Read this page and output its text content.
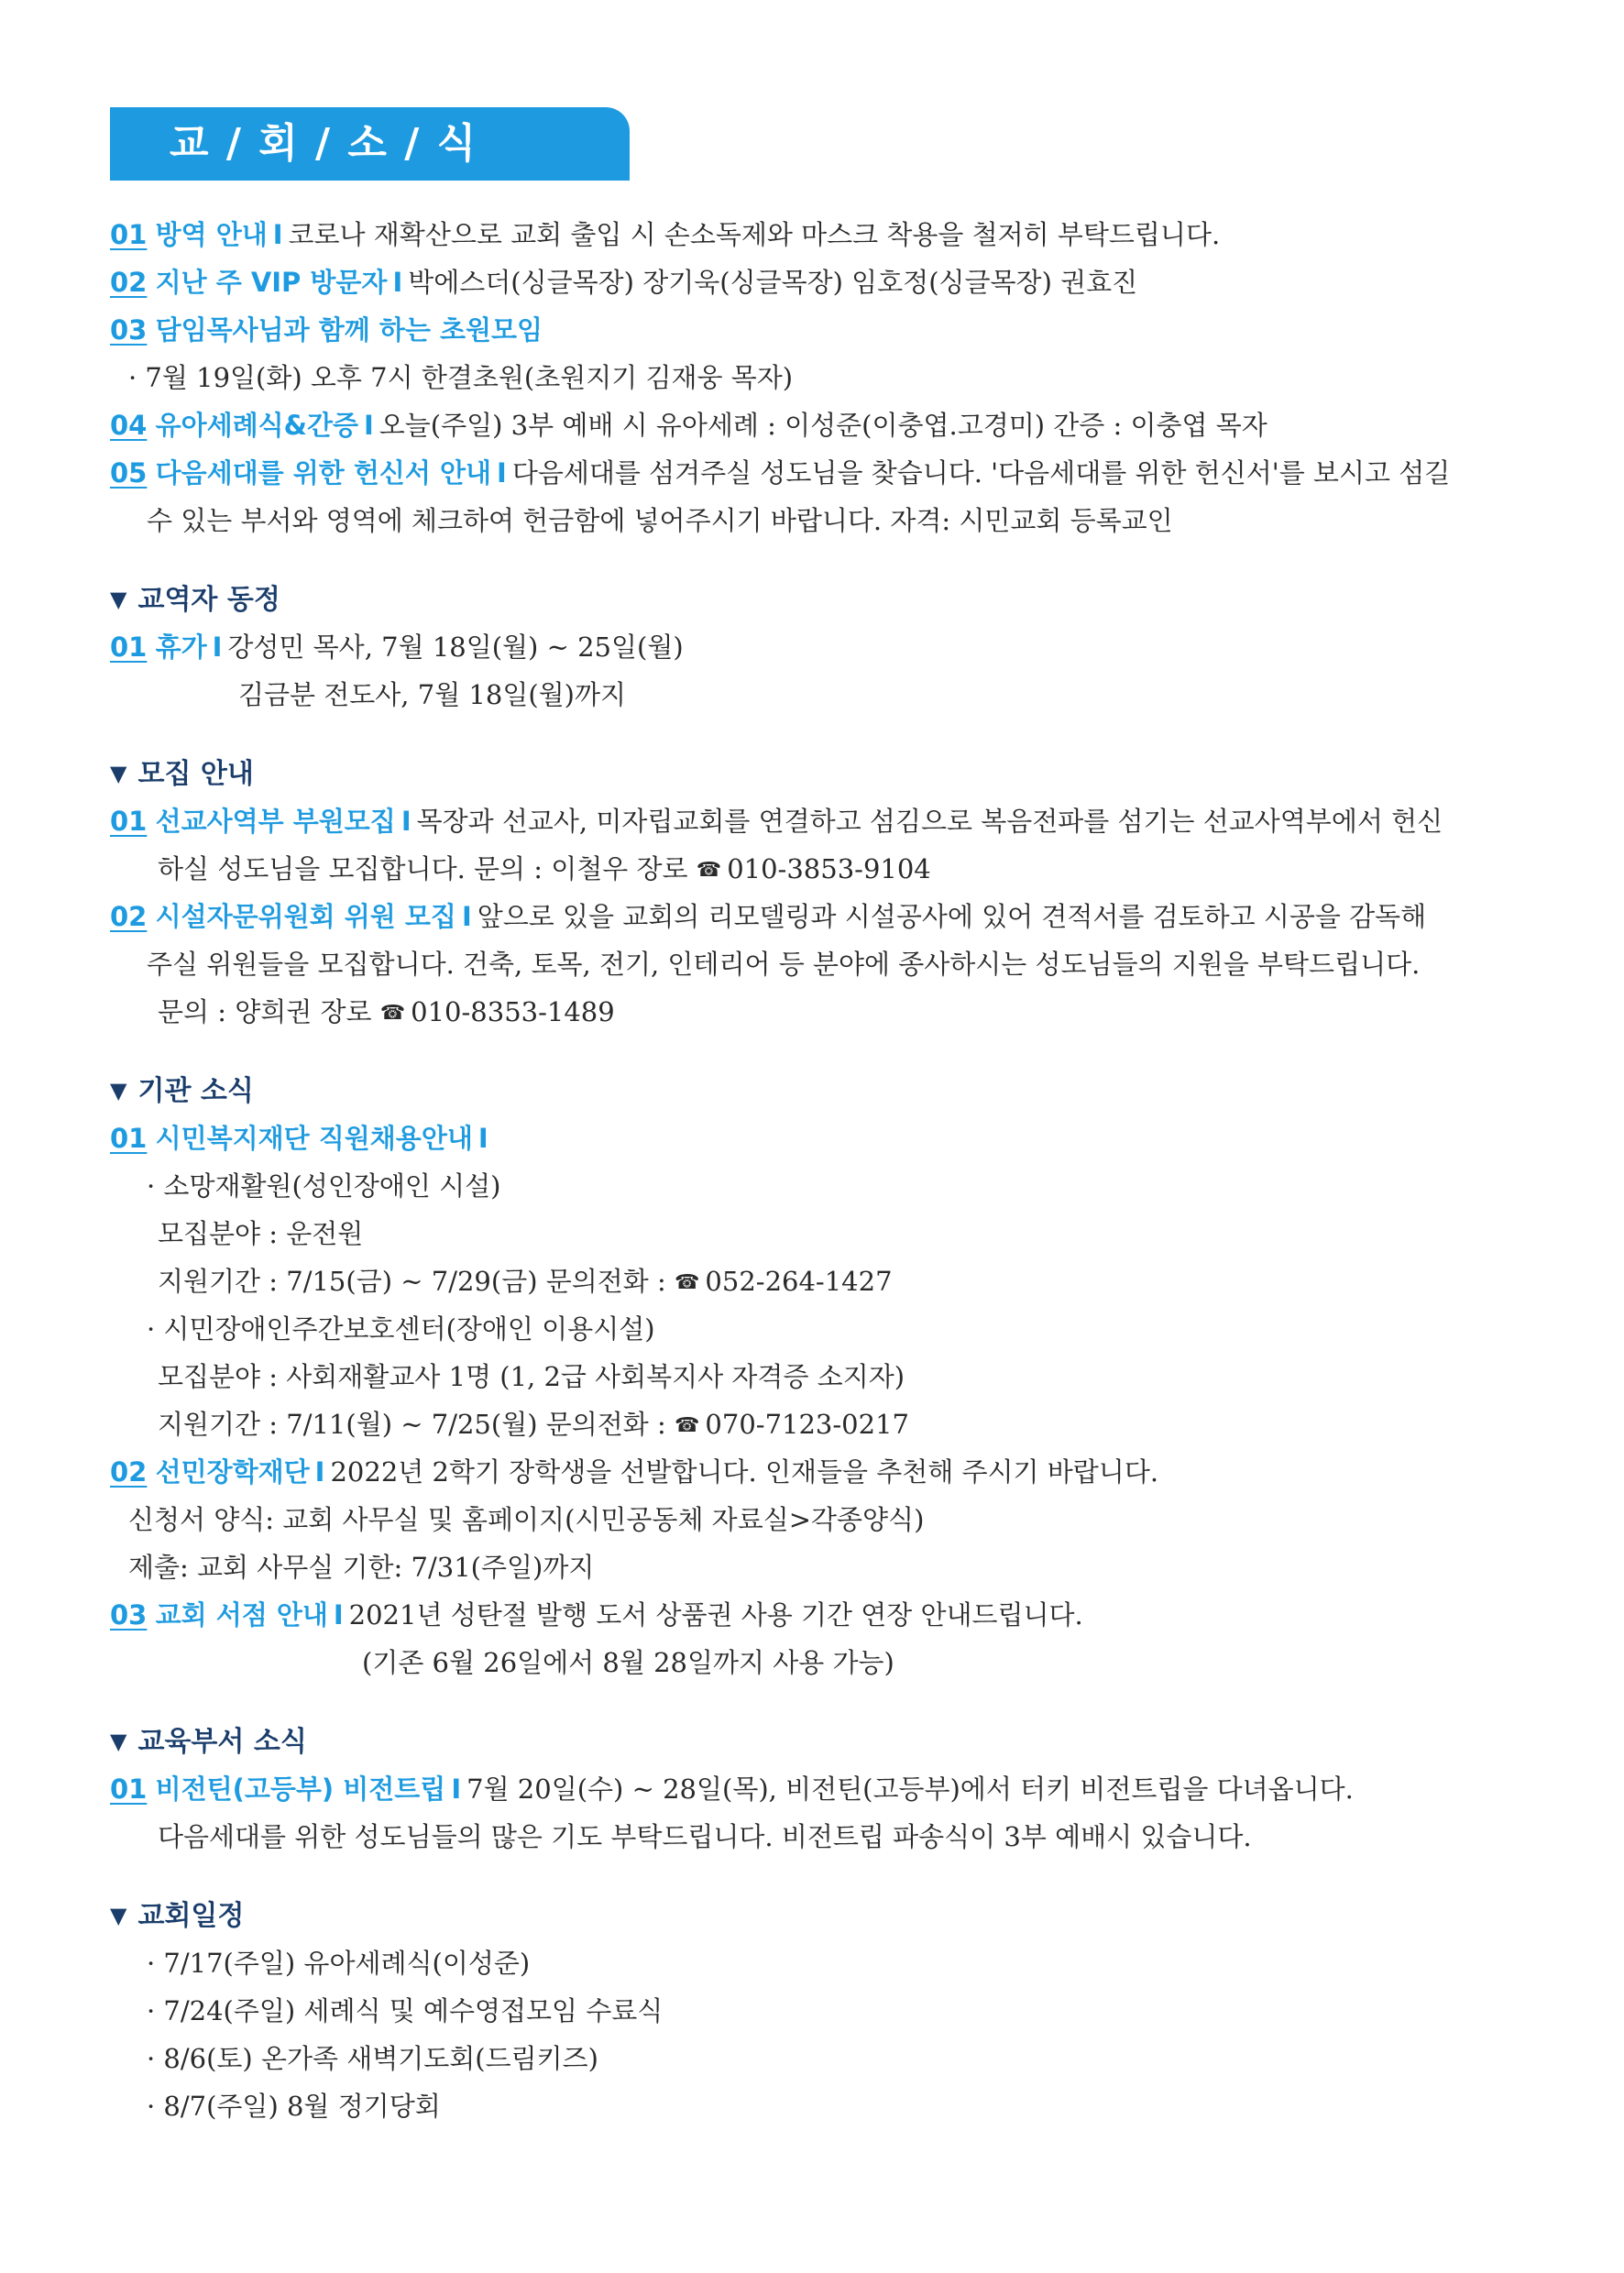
교 / 회 / 소 / 식
01 방역 안내 I 코로나 재확산으로 교회 출입 시 손소독제와 마스크 착용을 철저히 부탁드립니다.
02 지난 주 VIP 방문자 I 박에스더(싱글목장) 장기욱(싱글목장) 임호정(싱글목장) 권효진
03 담임목사님과 함께 하는 초원모임
· 7월 19일(화) 오후 7시 한결초원(초원지기 김재웅 목자)
04 유아세례식&간증 I 오늘(주일) 3부 예배 시 유아세례 : 이성준(이충엽.고경미) 간증 : 이충엽 목자
05 다음세대를 위한 헌신서 안내 I 다음세대를 섬겨주실 성도님을 찾습니다. '다음세대를 위한 헌신서'를 보시고 섬길
수 있는 부서와 영역에 체크하여 헌금함에 넣어주시기 바랍니다. 자격: 시민교회 등록교인
▼ 교역자 동정
01 휴가 I 강성민 목사, 7월 18일(월) ~ 25일(월)
김금분 전도사, 7월 18일(월)까지
▼ 모집 안내
01 선교사역부 부원모집 I 목장과 선교사, 미자립교회를 연결하고 섬김으로 복음전파를 섬기는 선교사역부에서 헌신
하실 성도님을 모집합니다. 문의 : 이철우 장로 ☎ 010-3853-9104
02 시설자문위원회 위원 모집 I 앞으로 있을 교회의 리모델링과 시설공사에 있어 견적서를 검토하고 시공을 감독해
주실 위원들을 모집합니다. 건축, 토목, 전기, 인테리어 등 분야에 종사하시는 성도님들의 지원을 부탁드립니다.
문의 : 양희권 장로 ☎ 010-8353-1489
▼ 기관 소식
01 시민복지재단 직원채용안내 I
· 소망재활원(성인장애인 시설)
모집분야 : 운전원
지원기간 : 7/15(금) ~ 7/29(금) 문의전화 : ☎ 052-264-1427
· 시민장애인주간보호센터(장애인 이용시설)
모집분야 : 사회재활교사 1명 (1, 2급 사회복지사 자격증 소지자)
지원기간 : 7/11(월) ~ 7/25(월) 문의전화 : ☎ 070-7123-0217
02 선민장학재단 I 2022년 2학기 장학생을 선발합니다. 인재들을 추천해 주시기 바랍니다.
신청서 양식: 교회 사무실 및 홈페이지(시민공동체 자료실>각종양식)
제출: 교회 사무실 기한: 7/31(주일)까지
03 교회 서점 안내 I 2021년 성탄절 발행 도서 상품권 사용 기간 연장 안내드립니다.
(기존 6월 26일에서 8월 28일까지 사용 가능)
▼ 교육부서 소식
01 비전틴(고등부) 비전트립 I 7월 20일(수) ~ 28일(목), 비전틴(고등부)에서 터키 비전트립을 다녀옵니다.
다음세대를 위한 성도님들의 많은 기도 부탁드립니다. 비전트립 파송식이 3부 예배시 있습니다.
▼ 교회일정
· 7/17(주일) 유아세례식(이성준)
· 7/24(주일) 세례식 및 예수영접모임 수료식
· 8/6(토) 온가족 새벽기도회(드림키즈)
· 8/7(주일) 8월 정기당회
